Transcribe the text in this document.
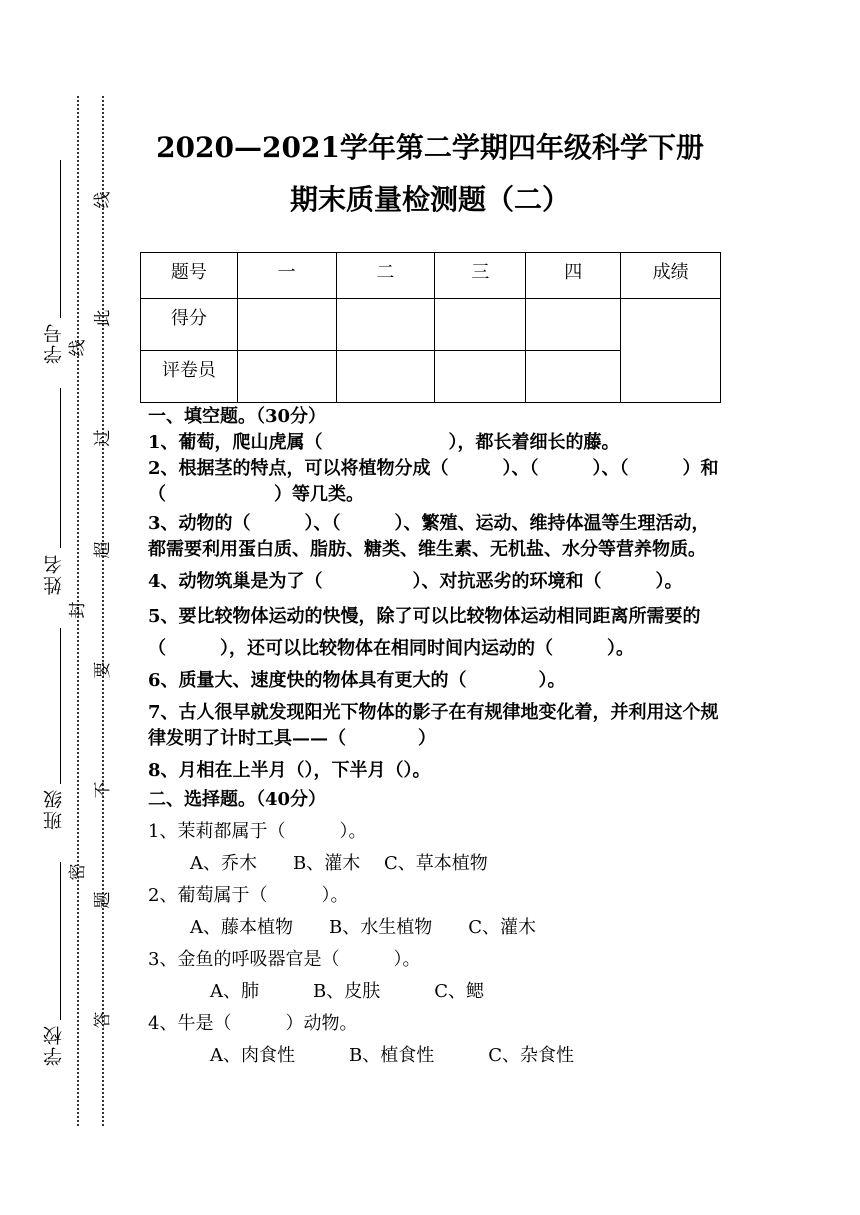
学号
姓名
班级
学校
线
此
线
过
超
封
要
不
密
题
答
2020—2021学年第二学期四年级科学下册
期末质量检测题（二）
题号	一	二	三	四	成绩
得分					
评卷员					

一、填空题。（30分）

1、葡萄，爬山虎属（　　　　　　　），都长着细长的藤。

2、根据茎的特点，可以将植物分成（　　　）、（　　　）、（　　　）和（　　　　　　）等几类。

3、动物的（　　　）、（　　　）、繁殖、运动、维持体温等生理活动，都需要利用蛋白质、脂肪、糖类、维生素、无机盐、水分等营养物质。

4、动物筑巢是为了（　　　　　）、对抗恶劣的环境和（　　　）。

5、要比较物体运动的快慢，除了可以比较物体运动相同距离所需要的（　　　），还可以比较物体在相同时间内运动的（　　　）。

6、质量大、速度快的物体具有更大的（　　　　）。

7、古人很早就发现阳光下物体的影子在有规律地变化着，并利用这个规律发明了计时工具——（　　　　）

8、月相在上半月（），下半月（）。

二、选择题。（40分）

1、茉莉都属于（　　　）。

A、乔木　　B、灌木　 C、草本植物

2、葡萄属于（　　　）。

A、藤本植物　　B、水生植物　　C、灌木

3、金鱼的呼吸器官是（　　　）。

A、肺　　　B、皮肤　　　C、鳃

4、牛是（　　　）动物。

A、肉食性　　　B、植食性　　　C、杂食性
